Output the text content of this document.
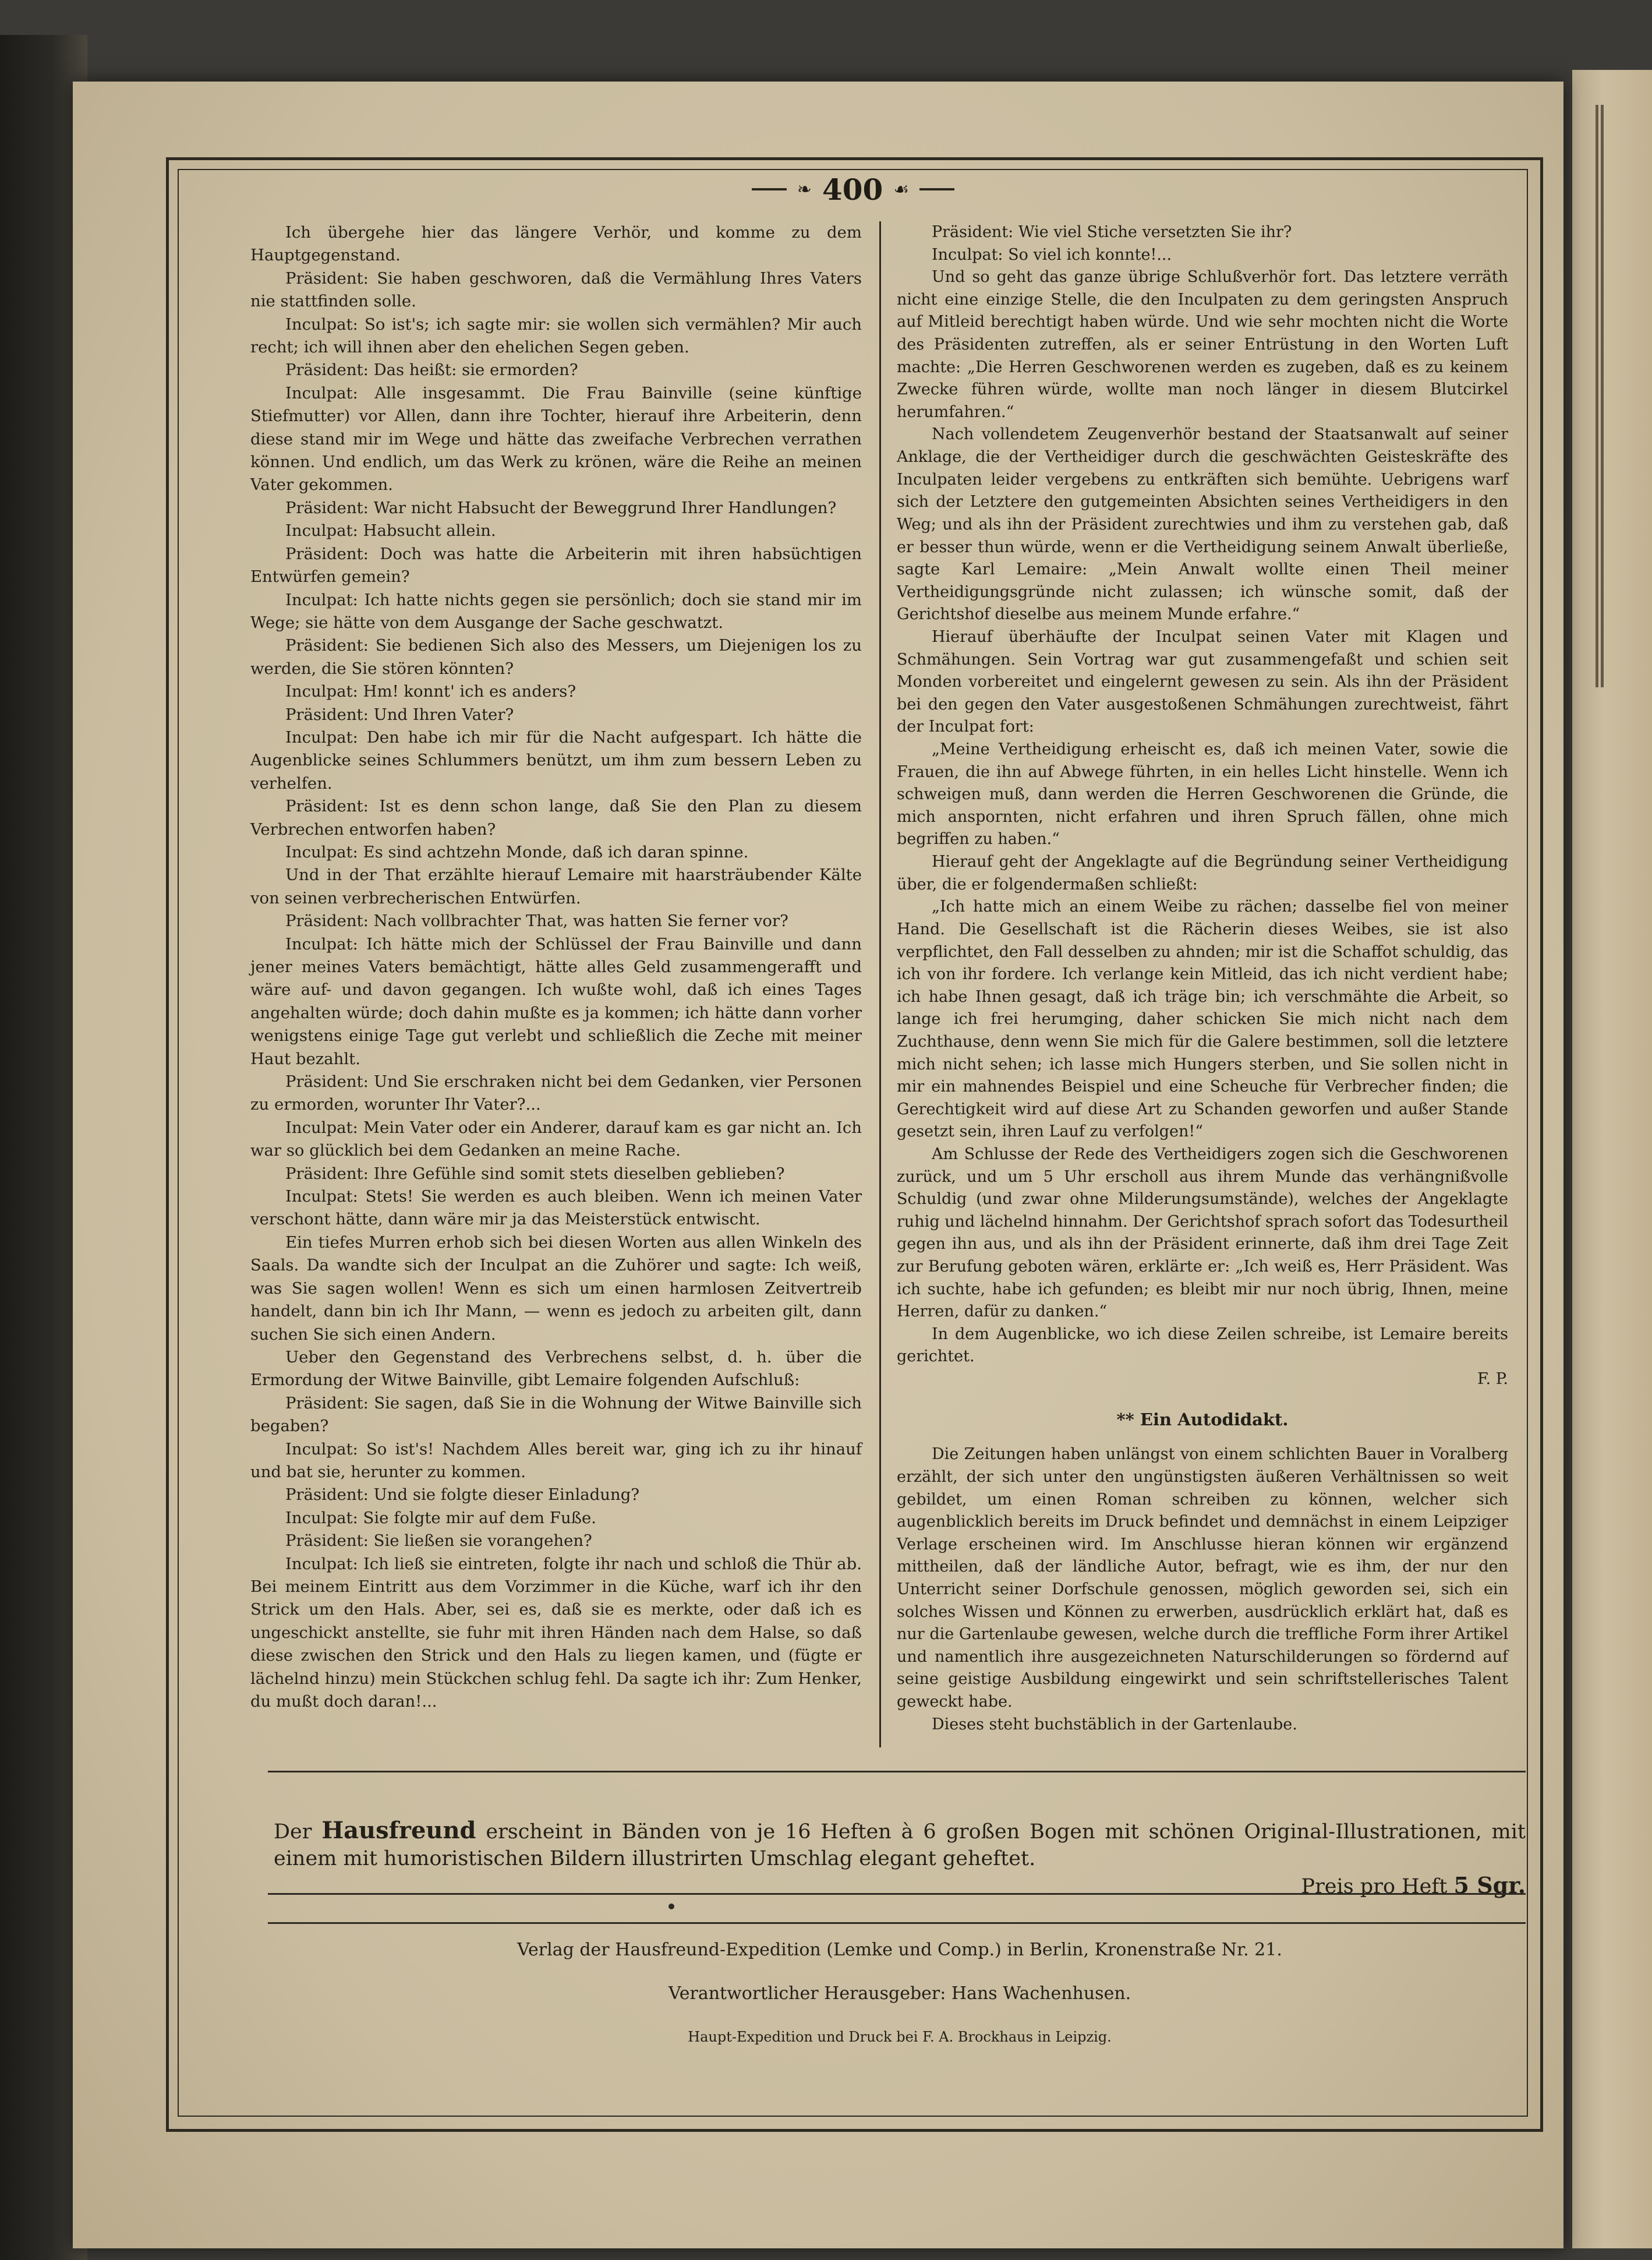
❧ 400 ☙

Ich übergehe hier das längere Verhör, und komme zu dem Hauptgegenstand.

Präsident: Sie haben geschworen, daß die Vermählung Ihres Vaters nie stattfinden solle.

Inculpat: So ist's; ich sagte mir: sie wollen sich vermählen? Mir auch recht; ich will ihnen aber den ehelichen Segen geben.

Präsident: Das heißt: sie ermorden?

Inculpat: Alle insgesammt. Die Frau Bainville (seine künftige Stiefmutter) vor Allen, dann ihre Tochter, hierauf ihre Arbeiterin, denn diese stand mir im Wege und hätte das zweifache Verbrechen verrathen können. Und endlich, um das Werk zu krönen, wäre die Reihe an meinen Vater gekommen.

Präsident: War nicht Habsucht der Beweggrund Ihrer Handlungen?

Inculpat: Habsucht allein.

Präsident: Doch was hatte die Arbeiterin mit ihren habsüchtigen Entwürfen gemein?

Inculpat: Ich hatte nichts gegen sie persönlich; doch sie stand mir im Wege; sie hätte von dem Ausgange der Sache geschwatzt.

Präsident: Sie bedienen Sich also des Messers, um Diejenigen los zu werden, die Sie stören könnten?

Inculpat: Hm! konnt' ich es anders?

Präsident: Und Ihren Vater?

Inculpat: Den habe ich mir für die Nacht aufgespart. Ich hätte die Augenblicke seines Schlummers benützt, um ihm zum bessern Leben zu verhelfen.

Präsident: Ist es denn schon lange, daß Sie den Plan zu diesem Verbrechen entworfen haben?

Inculpat: Es sind achtzehn Monde, daß ich daran spinne.

Und in der That erzählte hierauf Lemaire mit haarsträubender Kälte von seinen verbrecherischen Entwürfen.

Präsident: Nach vollbrachter That, was hatten Sie ferner vor?

Inculpat: Ich hätte mich der Schlüssel der Frau Bainville und dann jener meines Vaters bemächtigt, hätte alles Geld zusammengerafft und wäre auf- und davon gegangen. Ich wußte wohl, daß ich eines Tages angehalten würde; doch dahin mußte es ja kommen; ich hätte dann vorher wenigstens einige Tage gut verlebt und schließlich die Zeche mit meiner Haut bezahlt.

Präsident: Und Sie erschraken nicht bei dem Gedanken, vier Personen zu ermorden, worunter Ihr Vater?...

Inculpat: Mein Vater oder ein Anderer, darauf kam es gar nicht an. Ich war so glücklich bei dem Gedanken an meine Rache.

Präsident: Ihre Gefühle sind somit stets dieselben geblieben?

Inculpat: Stets! Sie werden es auch bleiben. Wenn ich meinen Vater verschont hätte, dann wäre mir ja das Meisterstück entwischt.

Ein tiefes Murren erhob sich bei diesen Worten aus allen Winkeln des Saals. Da wandte sich der Inculpat an die Zuhörer und sagte: Ich weiß, was Sie sagen wollen! Wenn es sich um einen harmlosen Zeitvertreib handelt, dann bin ich Ihr Mann, — wenn es jedoch zu arbeiten gilt, dann suchen Sie sich einen Andern.

Ueber den Gegenstand des Verbrechens selbst, d. h. über die Ermordung der Witwe Bainville, gibt Lemaire folgenden Aufschluß:

Präsident: Sie sagen, daß Sie in die Wohnung der Witwe Bainville sich begaben?

Inculpat: So ist's! Nachdem Alles bereit war, ging ich zu ihr hinauf und bat sie, herunter zu kommen.

Präsident: Und sie folgte dieser Einladung?

Inculpat: Sie folgte mir auf dem Fuße.

Präsident: Sie ließen sie vorangehen?

Inculpat: Ich ließ sie eintreten, folgte ihr nach und schloß die Thür ab. Bei meinem Eintritt aus dem Vorzimmer in die Küche, warf ich ihr den Strick um den Hals. Aber, sei es, daß sie es merkte, oder daß ich es ungeschickt anstellte, sie fuhr mit ihren Händen nach dem Halse, so daß diese zwischen den Strick und den Hals zu liegen kamen, und (fügte er lächelnd hinzu) mein Stückchen schlug fehl. Da sagte ich ihr: Zum Henker, du mußt doch daran!...

Präsident: Wie viel Stiche versetzten Sie ihr?

Inculpat: So viel ich konnte!...

Und so geht das ganze übrige Schlußverhör fort. Das letztere verräth nicht eine einzige Stelle, die den Inculpaten zu dem geringsten Anspruch auf Mitleid berechtigt haben würde. Und wie sehr mochten nicht die Worte des Präsidenten zutreffen, als er seiner Entrüstung in den Worten Luft machte: „Die Herren Geschworenen werden es zugeben, daß es zu keinem Zwecke führen würde, wollte man noch länger in diesem Blutcirkel herumfahren.“

Nach vollendetem Zeugenverhör bestand der Staatsanwalt auf seiner Anklage, die der Vertheidiger durch die geschwächten Geisteskräfte des Inculpaten leider vergebens zu entkräften sich bemühte. Uebrigens warf sich der Letztere den gutgemeinten Absichten seines Vertheidigers in den Weg; und als ihn der Präsident zurechtwies und ihm zu verstehen gab, daß er besser thun würde, wenn er die Vertheidigung seinem Anwalt überließe, sagte Karl Lemaire: „Mein Anwalt wollte einen Theil meiner Vertheidigungsgründe nicht zulassen; ich wünsche somit, daß der Gerichtshof dieselbe aus meinem Munde erfahre.“

Hierauf überhäufte der Inculpat seinen Vater mit Klagen und Schmähungen. Sein Vortrag war gut zusammengefaßt und schien seit Monden vorbereitet und eingelernt gewesen zu sein. Als ihn der Präsident bei den gegen den Vater ausgestoßenen Schmähungen zurechtweist, fährt der Inculpat fort:

„Meine Vertheidigung erheischt es, daß ich meinen Vater, sowie die Frauen, die ihn auf Abwege führten, in ein helles Licht hinstelle. Wenn ich schweigen muß, dann werden die Herren Geschworenen die Gründe, die mich anspornten, nicht erfahren und ihren Spruch fällen, ohne mich begriffen zu haben.“

Hierauf geht der Angeklagte auf die Begründung seiner Vertheidigung über, die er folgendermaßen schließt:

„Ich hatte mich an einem Weibe zu rächen; dasselbe fiel von meiner Hand. Die Gesellschaft ist die Rächerin dieses Weibes, sie ist also verpflichtet, den Fall desselben zu ahnden; mir ist die Schaffot schuldig, das ich von ihr fordere. Ich verlange kein Mitleid, das ich nicht verdient habe; ich habe Ihnen gesagt, daß ich träge bin; ich verschmähte die Arbeit, so lange ich frei herumging, daher schicken Sie mich nicht nach dem Zuchthause, denn wenn Sie mich für die Galere bestimmen, soll die letztere mich nicht sehen; ich lasse mich Hungers sterben, und Sie sollen nicht in mir ein mahnendes Beispiel und eine Scheuche für Verbrecher finden; die Gerechtigkeit wird auf diese Art zu Schanden geworfen und außer Stande gesetzt sein, ihren Lauf zu verfolgen!“

Am Schlusse der Rede des Vertheidigers zogen sich die Geschworenen zurück, und um 5 Uhr erscholl aus ihrem Munde das verhängnißvolle Schuldig (und zwar ohne Milderungsumstände), welches der Angeklagte ruhig und lächelnd hinnahm. Der Gerichtshof sprach sofort das Todesurtheil gegen ihn aus, und als ihn der Präsident erinnerte, daß ihm drei Tage Zeit zur Berufung geboten wären, erklärte er: „Ich weiß es, Herr Präsident. Was ich suchte, habe ich gefunden; es bleibt mir nur noch übrig, Ihnen, meine Herren, dafür zu danken.“

In dem Augenblicke, wo ich diese Zeilen schreibe, ist Lemaire bereits gerichtet.

F. P.

** Ein Autodidakt.

Die Zeitungen haben unlängst von einem schlichten Bauer in Voralberg erzählt, der sich unter den ungünstigsten äußeren Verhältnissen so weit gebildet, um einen Roman schreiben zu können, welcher sich augenblicklich bereits im Druck befindet und demnächst in einem Leipziger Verlage erscheinen wird. Im Anschlusse hieran können wir ergänzend mittheilen, daß der ländliche Autor, befragt, wie es ihm, der nur den Unterricht seiner Dorfschule genossen, möglich geworden sei, sich ein solches Wissen und Können zu erwerben, ausdrücklich erklärt hat, daß es nur die Gartenlaube gewesen, welche durch die treffliche Form ihrer Artikel und namentlich ihre ausgezeichneten Naturschilderungen so fördernd auf seine geistige Ausbildung eingewirkt und sein schriftstellerisches Talent geweckt habe.

Dieses steht buchstäblich in der Gartenlaube.

Der Hausfreund erscheint in Bänden von je 16 Heften à 6 großen Bogen mit schönen Original-Illustrationen, mit einem mit humoristischen Bildern illustrirten Umschlag elegant geheftet.
Preis pro Heft 5 Sgr.
Verlag der Hausfreund-Expedition (Lemke und Comp.) in Berlin, Kronenstraße Nr. 21.
Verantwortlicher Herausgeber: Hans Wachenhusen.
Haupt-Expedition und Druck bei F. A. Brockhaus in Leipzig.
